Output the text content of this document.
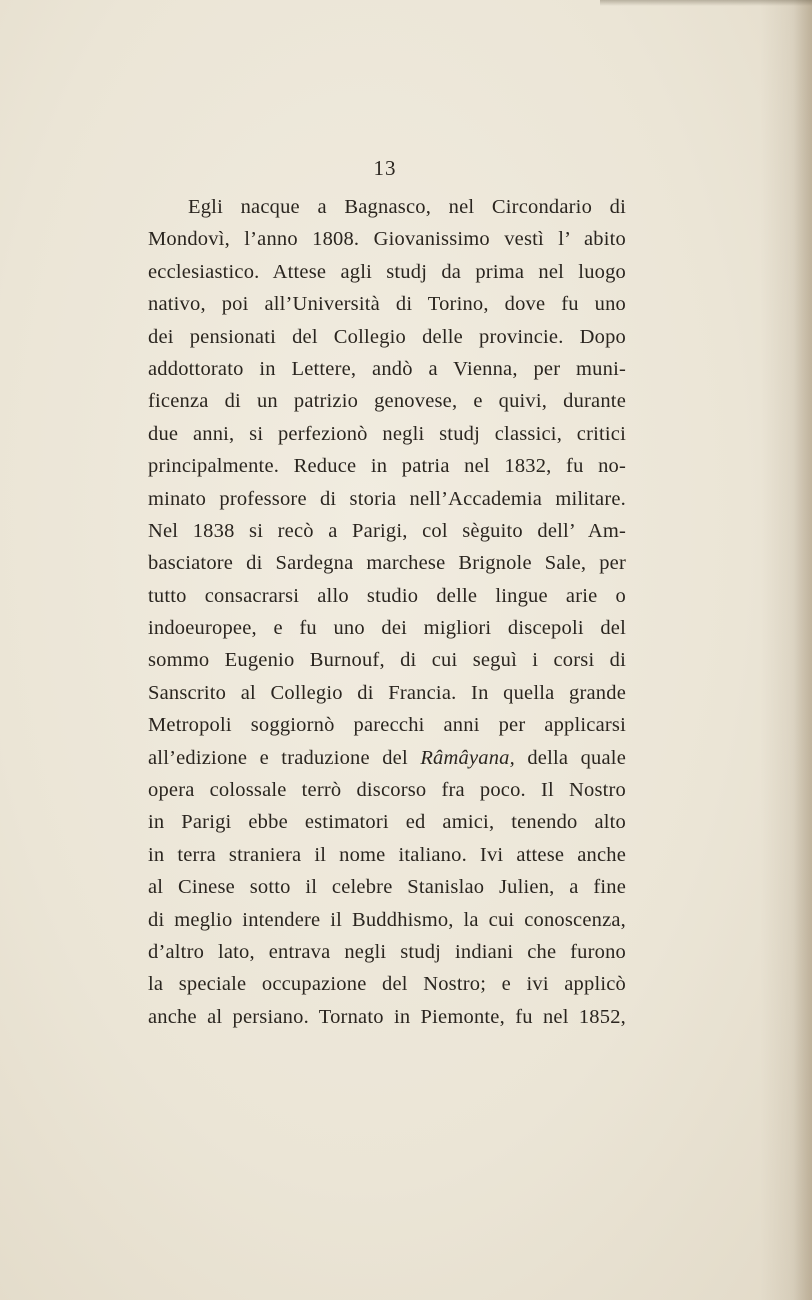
13
Egli nacque a Bagnasco, nel Circondario di
Mondovì, l’anno 1808. Giovanissimo vestì l’ abito
ecclesiastico. Attese agli studj da prima nel luogo
nativo, poi all’Università di Torino, dove fu uno
dei pensionati del Collegio delle provincie. Dopo
addottorato in Lettere, andò a Vienna, per muni-
ficenza di un patrizio genovese, e quivi, durante
due anni, si perfezionò negli studj classici, critici
principalmente. Reduce in patria nel 1832, fu no-
minato professore di storia nell’Accademia militare.
Nel 1838 si recò a Parigi, col sèguito dell’ Am-
basciatore di Sardegna marchese Brignole Sale, per
tutto consacrarsi allo studio delle lingue arie o
indoeuropee, e fu uno dei migliori discepoli del
sommo Eugenio Burnouf, di cui seguì i corsi di
Sanscrito al Collegio di Francia. In quella grande
Metropoli soggiornò parecchi anni per applicarsi
all’edizione e traduzione del Râmâyana, della quale
opera colossale terrò discorso fra poco. Il Nostro
in Parigi ebbe estimatori ed amici, tenendo alto
in terra straniera il nome italiano. Ivi attese anche
al Cinese sotto il celebre Stanislao Julien, a fine
di meglio intendere il Buddhismo, la cui conoscenza,
d’altro lato, entrava negli studj indiani che furono
la speciale occupazione del Nostro; e ivi applicò
anche al persiano. Tornato in Piemonte, fu nel 1852,
